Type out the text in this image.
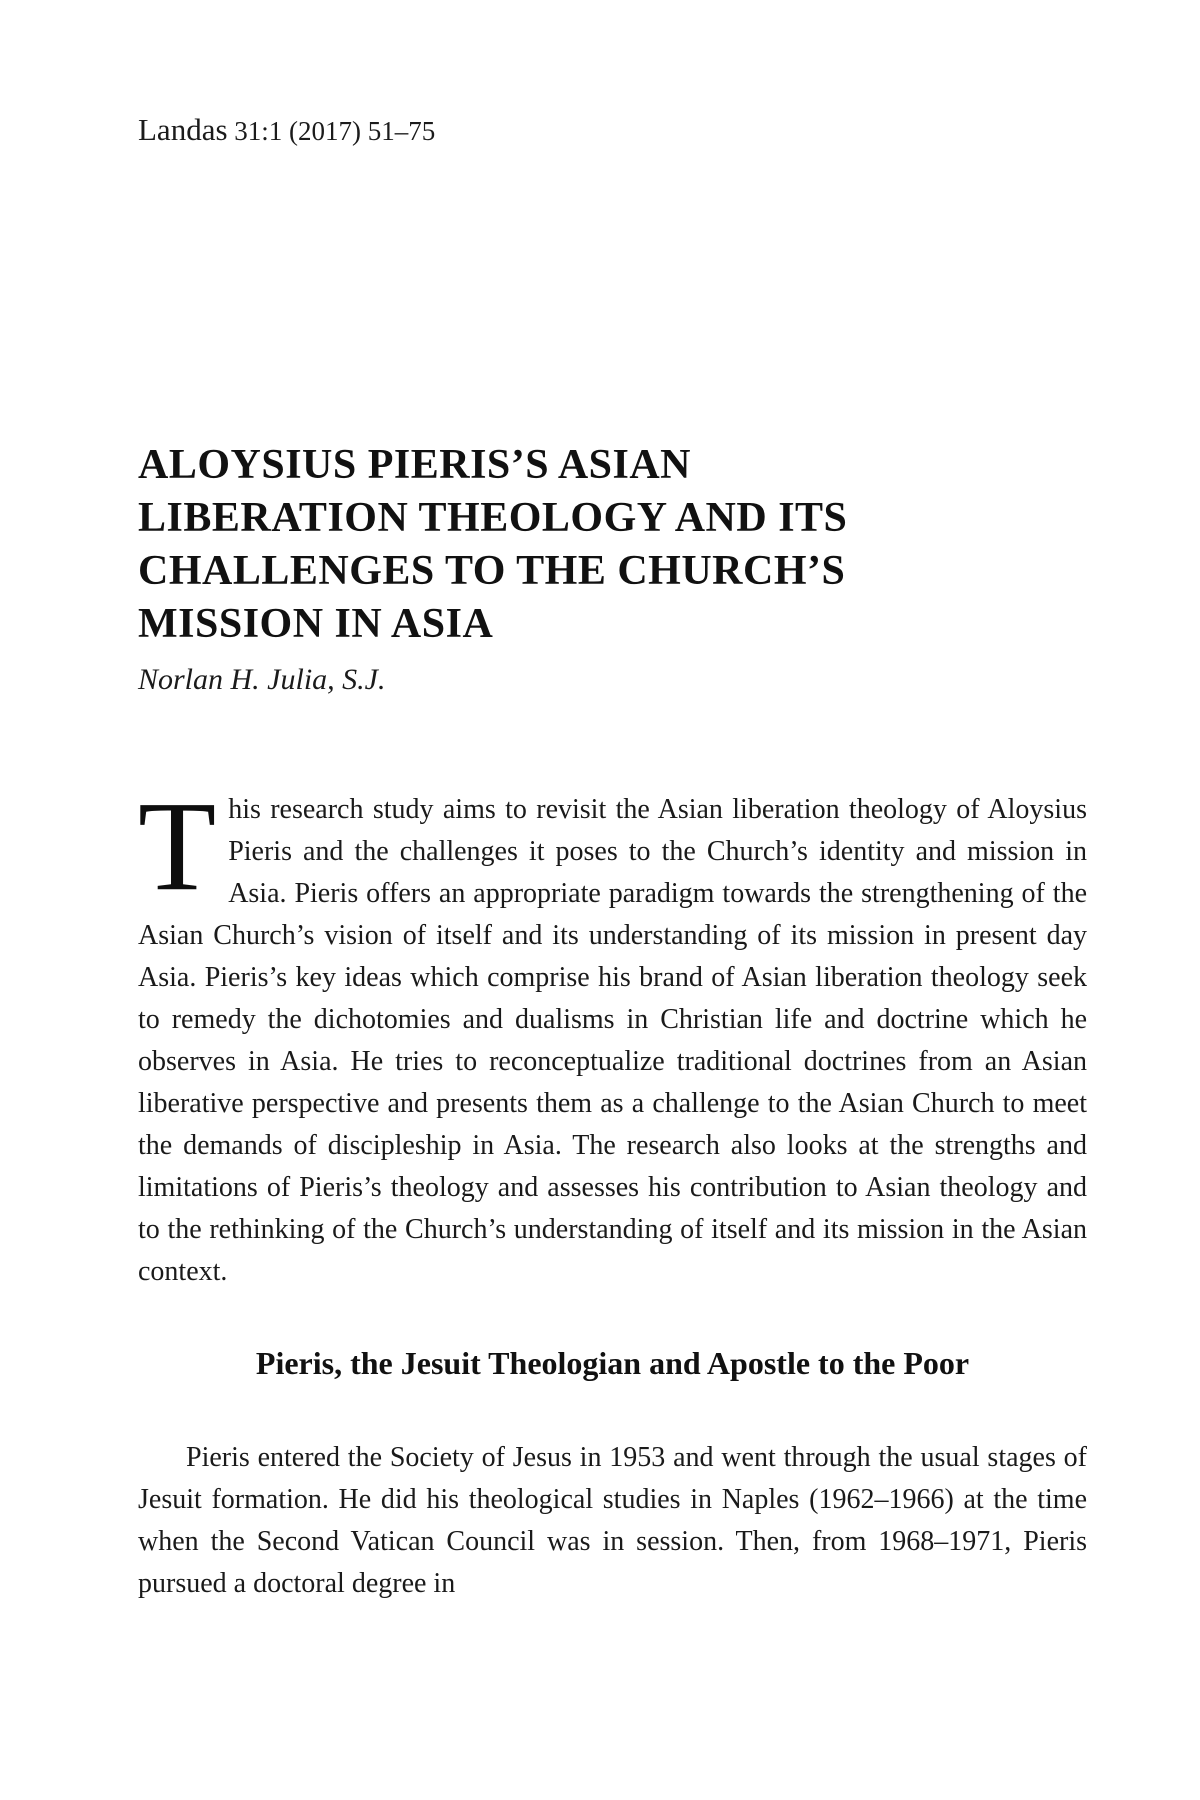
Landas 31:1 (2017) 51–75
ALOYSIUS PIERIS’S ASIAN
LIBERATION THEOLOGY AND ITS
CHALLENGES TO THE CHURCH’S
MISSION IN ASIA
Norlan H. Julia, S.J.

This research study aims to revisit the Asian liberation theology of Aloysius Pieris and the challenges it poses to the Church’s identity and mission in Asia. Pieris offers an appropriate paradigm towards the strengthening of the Asian Church’s vision of itself and its understanding of its mission in present day Asia. Pieris’s key ideas which comprise his brand of Asian liberation theology seek to remedy the dichotomies and dualisms in Christian life and doctrine which he observes in Asia. He tries to reconceptualize traditional doctrines from an Asian liberative perspective and presents them as a challenge to the Asian Church to meet the demands of discipleship in Asia. The research also looks at the strengths and limitations of Pieris’s theology and assesses his contribution to Asian theology and to the rethinking of the Church’s understanding of itself and its mission in the Asian context.

Pieris, the Jesuit Theologian and Apostle to the Poor

Pieris entered the Society of Jesus in 1953 and went through the usual stages of Jesuit formation. He did his theological studies in Naples (1962–1966) at the time when the Second Vatican Council was in session. Then, from 1968–1971, Pieris pursued a doctoral degree in
